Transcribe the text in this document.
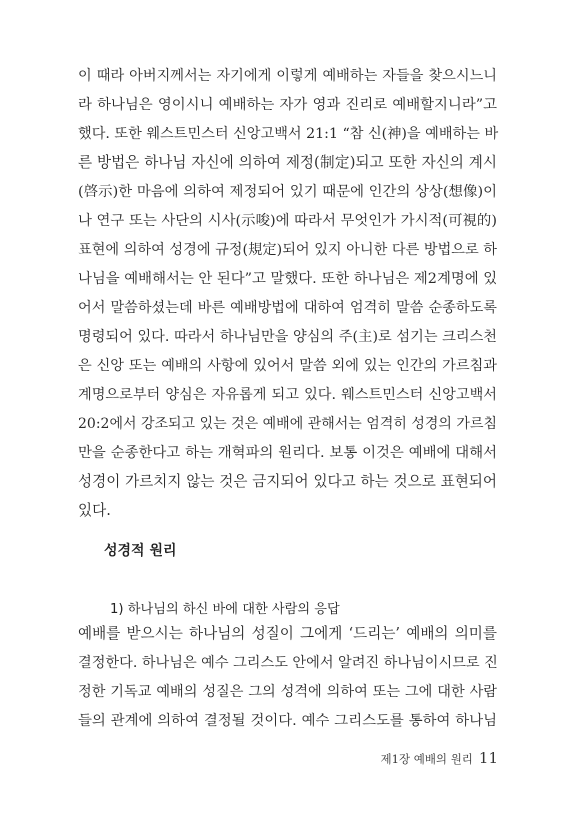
이 때라 아버지께서는 자기에게 이렇게 예배하는 자들을 찾으시느니
라 하나님은 영이시니 예배하는 자가 영과 진리로 예배할지니라”고
했다. 또한 웨스트민스터 신앙고백서 21:1 “참 신(神)을 예배하는 바
른 방법은 하나님 자신에 의하여 제정(制定)되고 또한 자신의 계시
(啓示)한 마음에 의하여 제정되어 있기 때문에 인간의 상상(想像)이
나 연구 또는 사단의 시사(示唆)에 따라서 무엇인가 가시적(可視的)
표현에 의하여 성경에 규정(規定)되어 있지 아니한 다른 방법으로 하
나님을 예배해서는 안 된다”고 말했다. 또한 하나님은 제2계명에 있
어서 말씀하셨는데 바른 예배방법에 대하여 엄격히 말씀 순종하도록
명령되어 있다. 따라서 하나님만을 양심의 주(主)로 섬기는 크리스천
은 신앙 또는 예배의 사항에 있어서 말씀 외에 있는 인간의 가르침과
계명으로부터 양심은 자유롭게 되고 있다. 웨스트민스터 신앙고백서
20:2에서 강조되고 있는 것은 예배에 관해서는 엄격히 성경의 가르침
만을 순종한다고 하는 개혁파의 원리다. 보통 이것은 예배에 대해서
성경이 가르치지 않는 것은 금지되어 있다고 하는 것으로 표현되어
있다.
성경적 원리
1) 하나님의 하신 바에 대한 사람의 응답
예배를 받으시는 하나님의 성질이 그에게 ‘드리는’ 예배의 의미를
결정한다. 하나님은 예수 그리스도 안에서 알려진 하나님이시므로 진
정한 기독교 예배의 성질은 그의 성격에 의하여 또는 그에 대한 사람
들의 관계에 의하여 결정될 것이다. 예수 그리스도를 통하여 하나님
제1장 예배의 원리 11
